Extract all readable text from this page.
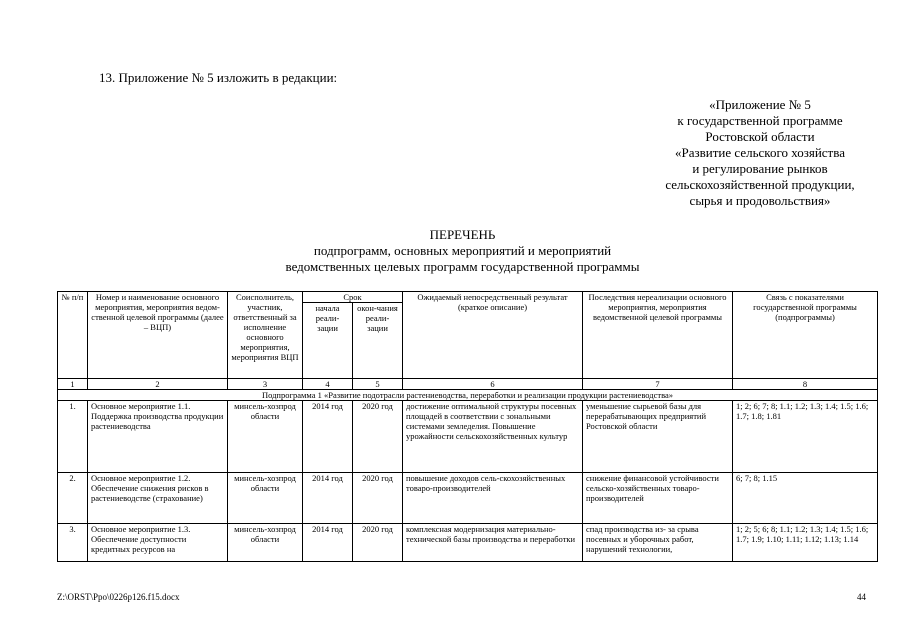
13. Приложение № 5 изложить в редакции:
«Приложение № 5
к государственной программе
Ростовской области
«Развитие сельского хозяйства
и регулирование рынков
сельскохозяйственной продукции,
сырья и продовольствия»
ПЕРЕЧЕНЬ
подпрограмм, основных мероприятий и мероприятий
ведомственных целевых программ государственной программы
№ п/п	Номер и наименование основного мероприятия, мероприятия ведом-ственной целевой программы (далее – ВЦП)	Соисполнитель, участник, ответственный за исполнение основного мероприятия, мероприятия ВЦП	Срок		Ожидаемый непосредственный результат (краткое описание)	Последствия нереализации основного мероприятия, мероприятия ведомственной целевой программы	Связь с показателями государственной программы (подпрограммы)
			начала реали-зации	окон-чания реали-зации			
1	2	3	4	5	6	7	8
Подпрограмма 1 «Развитие подотрасли растениеводства, переработки и реализации продукции растениеводства»							
1.	Основное мероприятие 1.1. Поддержка производства продукции растениеводства	минсель-хозпрод области	2014 год	2020 год	достижение оптимальной структуры посевных площадей в соответствии с зональными системами земледелия. Повышение урожайности сельскохозяйственных культур	уменьшение сырьевой базы для перерабатывающих предприятий Ростовской области	1; 2; 6; 7; 8; 1.1; 1.2; 1.3; 1.4; 1.5; 1.6; 1.7; 1.8; 1.81
2.	Основное мероприятие 1.2. Обеспечение снижения рисков в растениеводстве (страхование)	минсель-хозпрод области	2014 год	2020 год	повышение доходов сель-скохозяйственных товаро-производителей	снижение финансовой устойчивости сельско-хозяйственных товаро-производителей	6; 7; 8; 1.15
3.	Основное мероприятие 1.3. Обеспечение доступности кредитных ресурсов на	минсель-хозпрод области	2014 год	2020 год	комплексная модернизация материально-технической базы производства и переработки	спад производства из- за срыва посевных и уборочных работ, нарушений технологии,	1; 2; 5; 6; 8; 1.1; 1.2; 1.3; 1.4; 1.5; 1.6; 1.7; 1.9; 1.10; 1.11; 1.12; 1.13; 1.14
Z:\ORST\Ppo\0226p126.f15.docx	44
